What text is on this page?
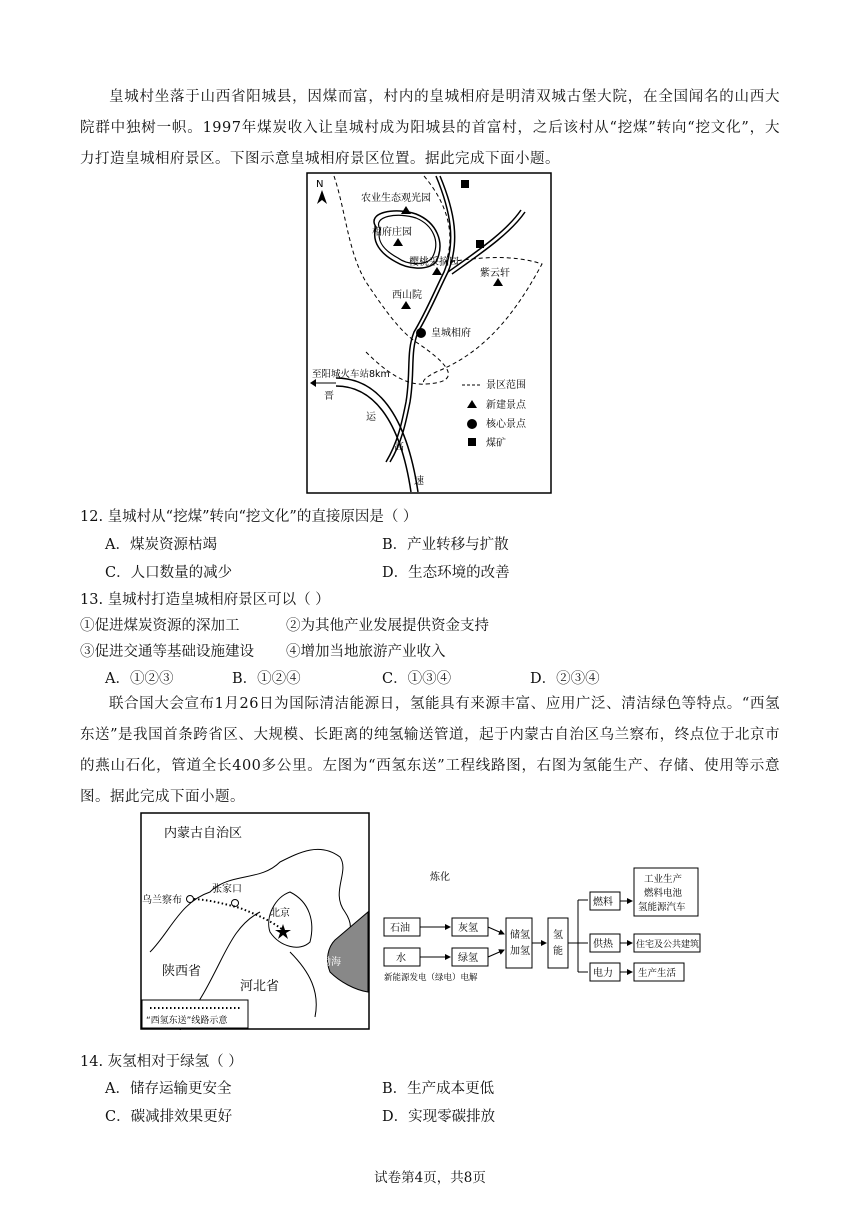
皇城村坐落于山西省阳城县，因煤而富，村内的皇城相府是明清双城古堡大院，在全国闻名的山西大院群中独树一帜。1997年煤炭收入让皇城村成为阳城县的首富村，之后该村从“挖煤”转向“挖文化”，大力打造皇城相府景区。下图示意皇城相府景区位置。据此完成下面小题。
N
农业生态观光园
相府庄园
樱桃采摘园
紫云轩
西山院
皇城相府
至阳城火车站8km
晋
运
高
速
景区范围
新建景点
核心景点
煤矿
12. 皇城村从“挖煤”转向“挖文化”的直接原因是（ ）
A．煤炭资源枯竭	B．产业转移与扩散
C．人口数量的减少	D．生态环境的改善
13. 皇城村打造皇城相府景区可以（ ）
①促进煤炭资源的深加工	②为其他产业发展提供资金支持
③促进交通等基础设施建设 ④增加当地旅游产业收入
A．①②③	B．①②④	C．①③④	D．②③④
联合国大会宣布1月26日为国际清洁能源日，氢能具有来源丰富、应用广泛、清洁绿色等特点。“西氢东送”是我国首条跨省区、大规模、长距离的纯氢输送管道，起于内蒙古自治区乌兰察布，终点位于北京市的燕山石化，管道全长400多公里。左图为“西氢东送”工程线路图，右图为氢能生产、存储、使用等示意图。据此完成下面小题。
内蒙古自治区
乌兰察布
张家口
北京
陕西省
河北省
渤海
“西氢东送”线路示意
炼化
石油	灰氢
水	绿氢
新能源发电（绿电）电解
储氢
加氢
氢
能
燃料
供热
电力
工业生产
燃料电池
氢能源汽车
住宅及公共建筑
生产生活
14. 灰氢相对于绿氢（ ）
A．储存运输更安全	B．生产成本更低
C．碳减排效果更好	D．实现零碳排放
试卷第4页，共8页
